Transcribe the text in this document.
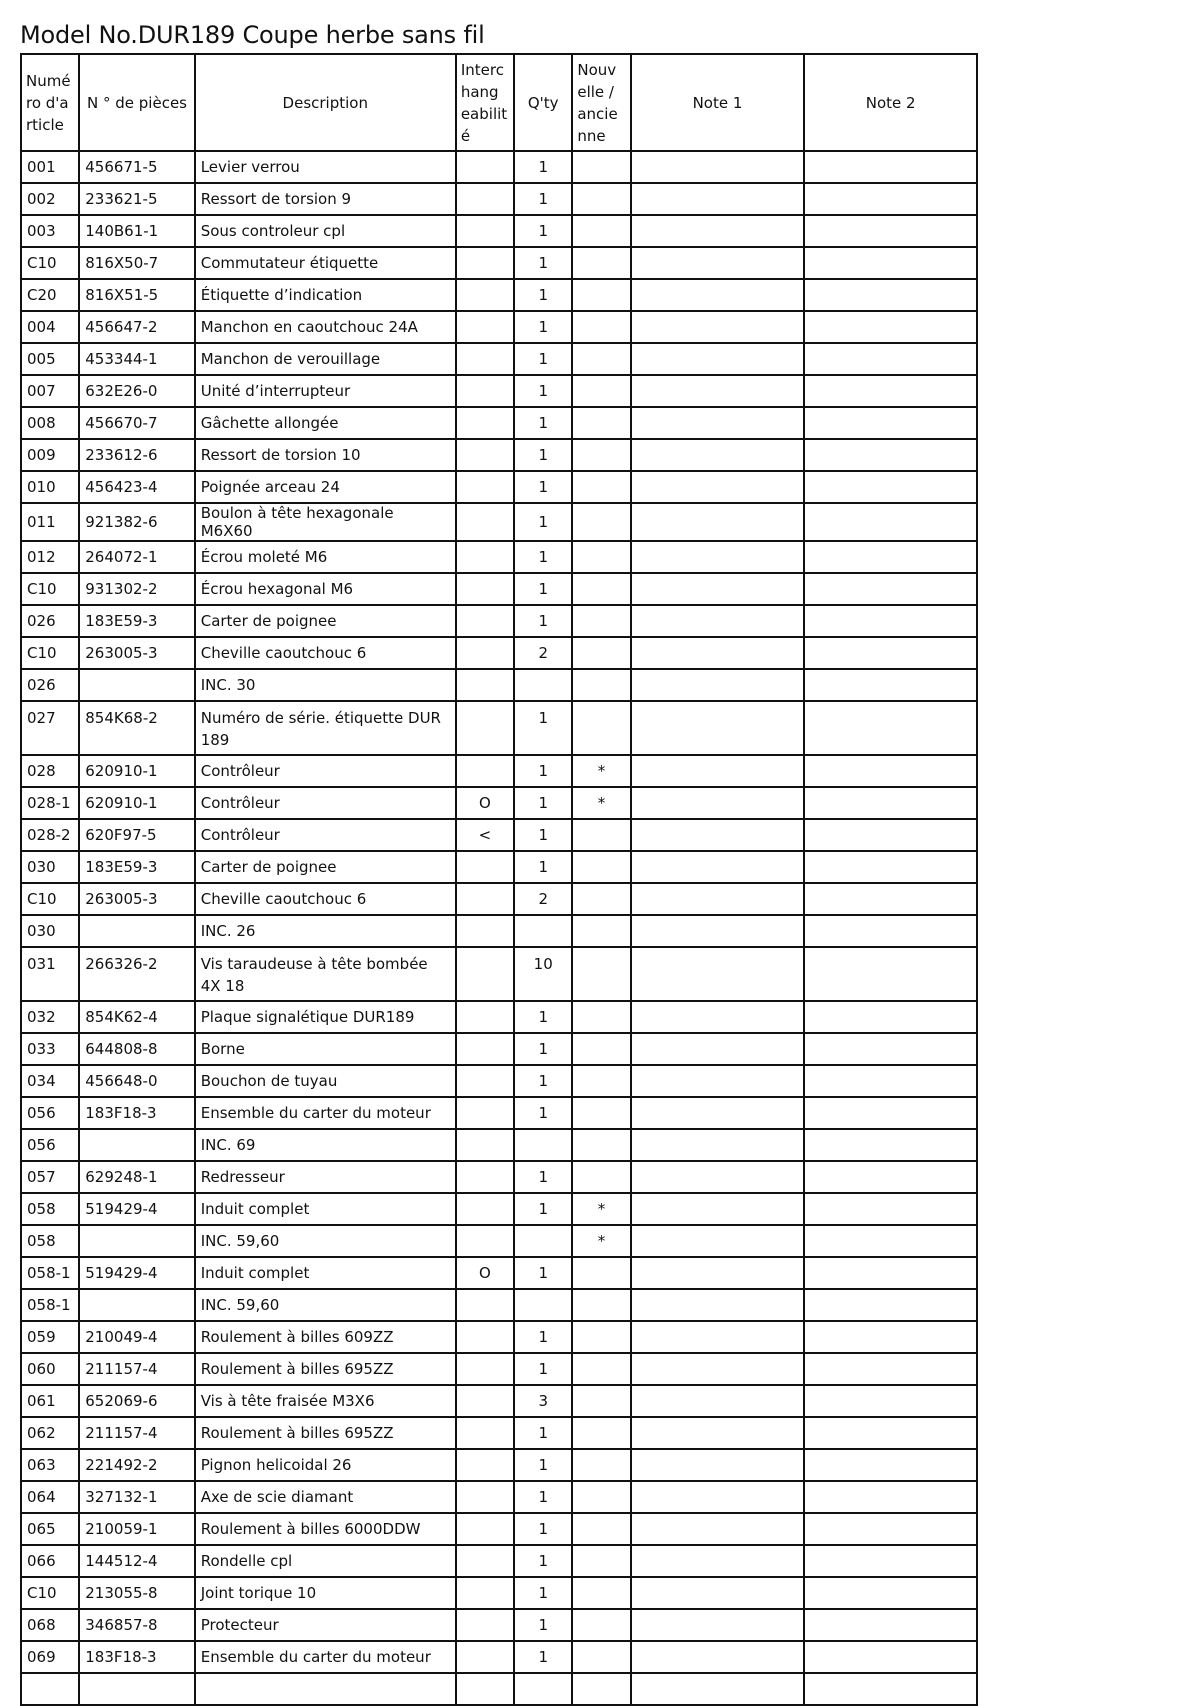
Model No.DUR189 Coupe herbe sans fil
Numé ro d'a rticle	N ° de pièces	Description	Interc hang eabilit é	Q'ty	Nouv elle / ancie nne	Note 1	Note 2
001	456671-5	Levier verrou		1			
002	233621-5	Ressort de torsion 9		1			
003	140B61-1	Sous controleur cpl		1			
C10	816X50-7	Commutateur étiquette		1			
C20	816X51-5	Étiquette d’indication		1			
004	456647-2	Manchon en caoutchouc 24A		1			
005	453344-1	Manchon de verouillage		1			
007	632E26-0	Unité d’interrupteur		1			
008	456670-7	Gâchette allongée		1			
009	233612-6	Ressort de torsion 10		1			
010	456423-4	Poignée arceau 24		1			
011	921382-6	Boulon à tête hexagonale M6X60		1			
012	264072-1	Écrou moleté M6		1			
C10	931302-2	Écrou hexagonal M6		1			
026	183E59-3	Carter de poignee		1			
C10	263005-3	Cheville caoutchouc 6		2			
026		INC. 30					
027	854K68-2	Numéro de série. étiquette DUR 189		1			
028	620910-1	Contrôleur		1	*		
028-1	620910-1	Contrôleur	O	1	*		
028-2	620F97-5	Contrôleur	<	1			
030	183E59-3	Carter de poignee		1			
C10	263005-3	Cheville caoutchouc 6		2			
030		INC. 26					
031	266326-2	Vis taraudeuse à tête bombée 4X 18		10			
032	854K62-4	Plaque signalétique DUR189		1			
033	644808-8	Borne		1			
034	456648-0	Bouchon de tuyau		1			
056	183F18-3	Ensemble du carter du moteur		1			
056		INC. 69					
057	629248-1	Redresseur		1			
058	519429-4	Induit complet		1	*		
058		INC. 59,60			*		
058-1	519429-4	Induit complet	O	1			
058-1		INC. 59,60					
059	210049-4	Roulement à billes 609ZZ		1			
060	211157-4	Roulement à billes 695ZZ		1			
061	652069-6	Vis à tête fraisée M3X6		3			
062	211157-4	Roulement à billes 695ZZ		1			
063	221492-2	Pignon helicoidal 26		1			
064	327132-1	Axe de scie diamant		1			
065	210059-1	Roulement à billes 6000DDW		1			
066	144512-4	Rondelle cpl		1			
C10	213055-8	Joint torique 10		1			
068	346857-8	Protecteur		1			
069	183F18-3	Ensemble du carter du moteur		1			
